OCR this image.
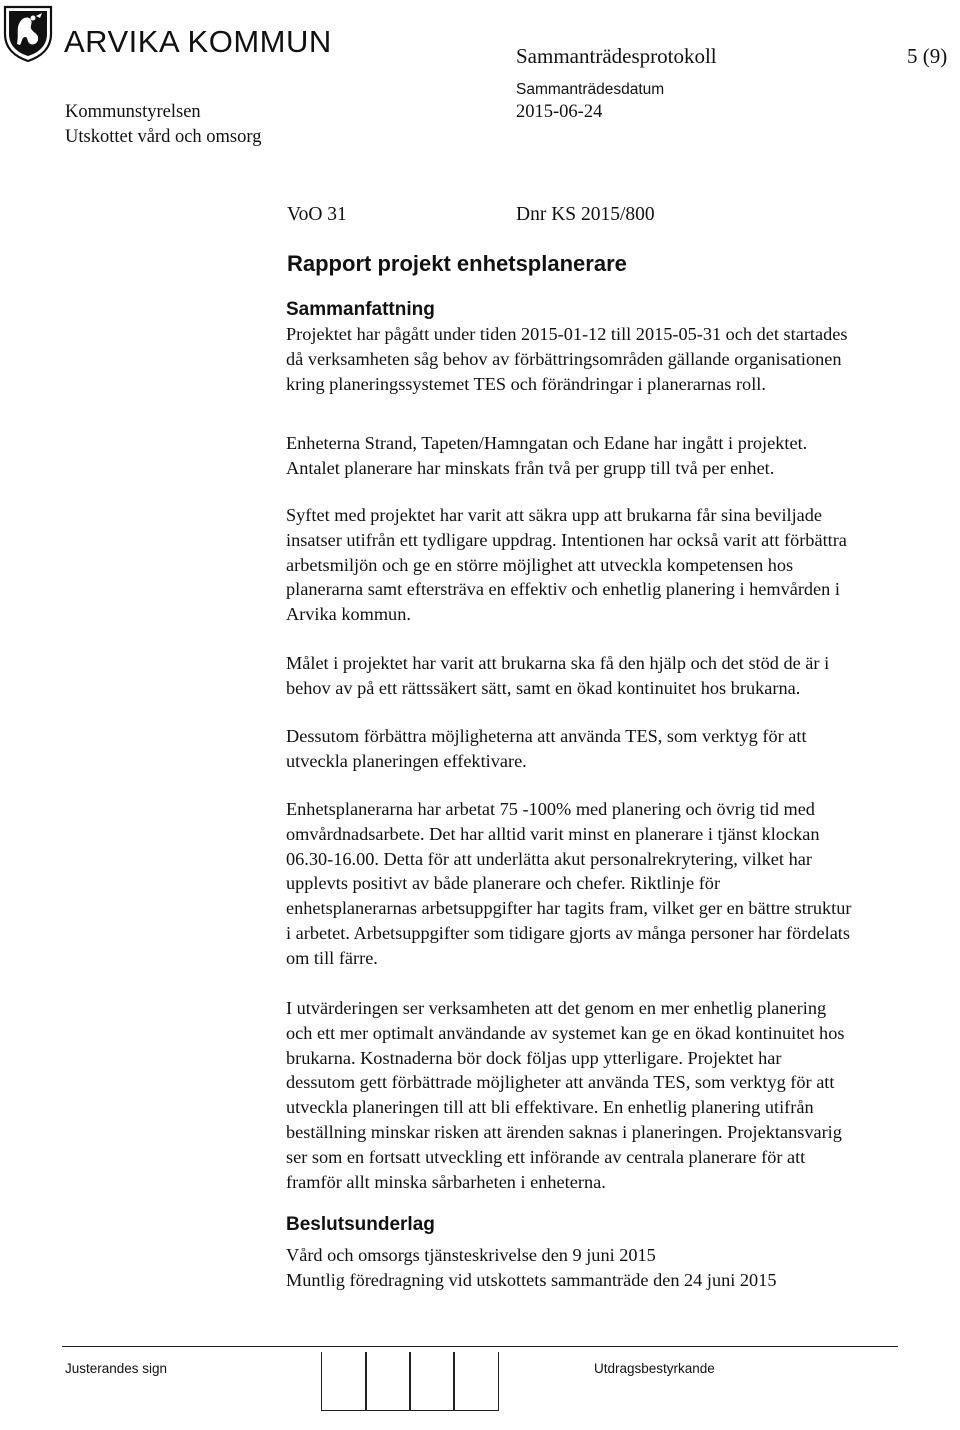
ARVIKA KOMMUN	Sammanträdesprotokoll	5 (9)
Sammanträdesdatum
Kommunstyrelsen	2015-06-24
Utskottet vård och omsorg
VoO 31	Dnr KS 2015/800
Rapport projekt enhetsplanerare
Sammanfattning
Projektet har pågått under tiden 2015-01-12 till 2015-05-31 och det startades
då verksamheten såg behov av förbättringsområden gällande organisationen
kring planeringssystemet TES och förändringar i planerarnas roll.
Enheterna Strand, Tapeten/Hamngatan och Edane har ingått i projektet.
Antalet planerare har minskats från två per grupp till två per enhet.
Syftet med projektet har varit att säkra upp att brukarna får sina beviljade
insatser utifrån ett tydligare uppdrag. Intentionen har också varit att förbättra
arbetsmiljön och ge en större möjlighet att utveckla kompetensen hos
planerarna samt eftersträva en effektiv och enhetlig planering i hemvården i
Arvika kommun.
Målet i projektet har varit att brukarna ska få den hjälp och det stöd de är i
behov av på ett rättssäkert sätt, samt en ökad kontinuitet hos brukarna.
Dessutom förbättra möjligheterna att använda TES, som verktyg för att
utveckla planeringen effektivare.
Enhetsplanerarna har arbetat 75 -100% med planering och övrig tid med
omvårdnadsarbete. Det har alltid varit minst en planerare i tjänst klockan
06.30-16.00. Detta för att underlätta akut personalrekrytering, vilket har
upplevts positivt av både planerare och chefer. Riktlinje för
enhetsplanerarnas arbetsuppgifter har tagits fram, vilket ger en bättre struktur
i arbetet. Arbetsuppgifter som tidigare gjorts av många personer har fördelats
om till färre.
I utvärderingen ser verksamheten att det genom en mer enhetlig planering
och ett mer optimalt användande av systemet kan ge en ökad kontinuitet hos
brukarna. Kostnaderna bör dock följas upp ytterligare. Projektet har
dessutom gett förbättrade möjligheter att använda TES, som verktyg för att
utveckla planeringen till att bli effektivare. En enhetlig planering utifrån
beställning minskar risken att ärenden saknas i planeringen. Projektansvarig
ser som en fortsatt utveckling ett införande av centrala planerare för att
framför allt minska sårbarheten i enheterna.
Beslutsunderlag
Vård och omsorgs tjänsteskrivelse den 9 juni 2015
Muntlig föredragning vid utskottets sammanträde den 24 juni 2015
Justerandes sign	Utdragsbestyrkande
